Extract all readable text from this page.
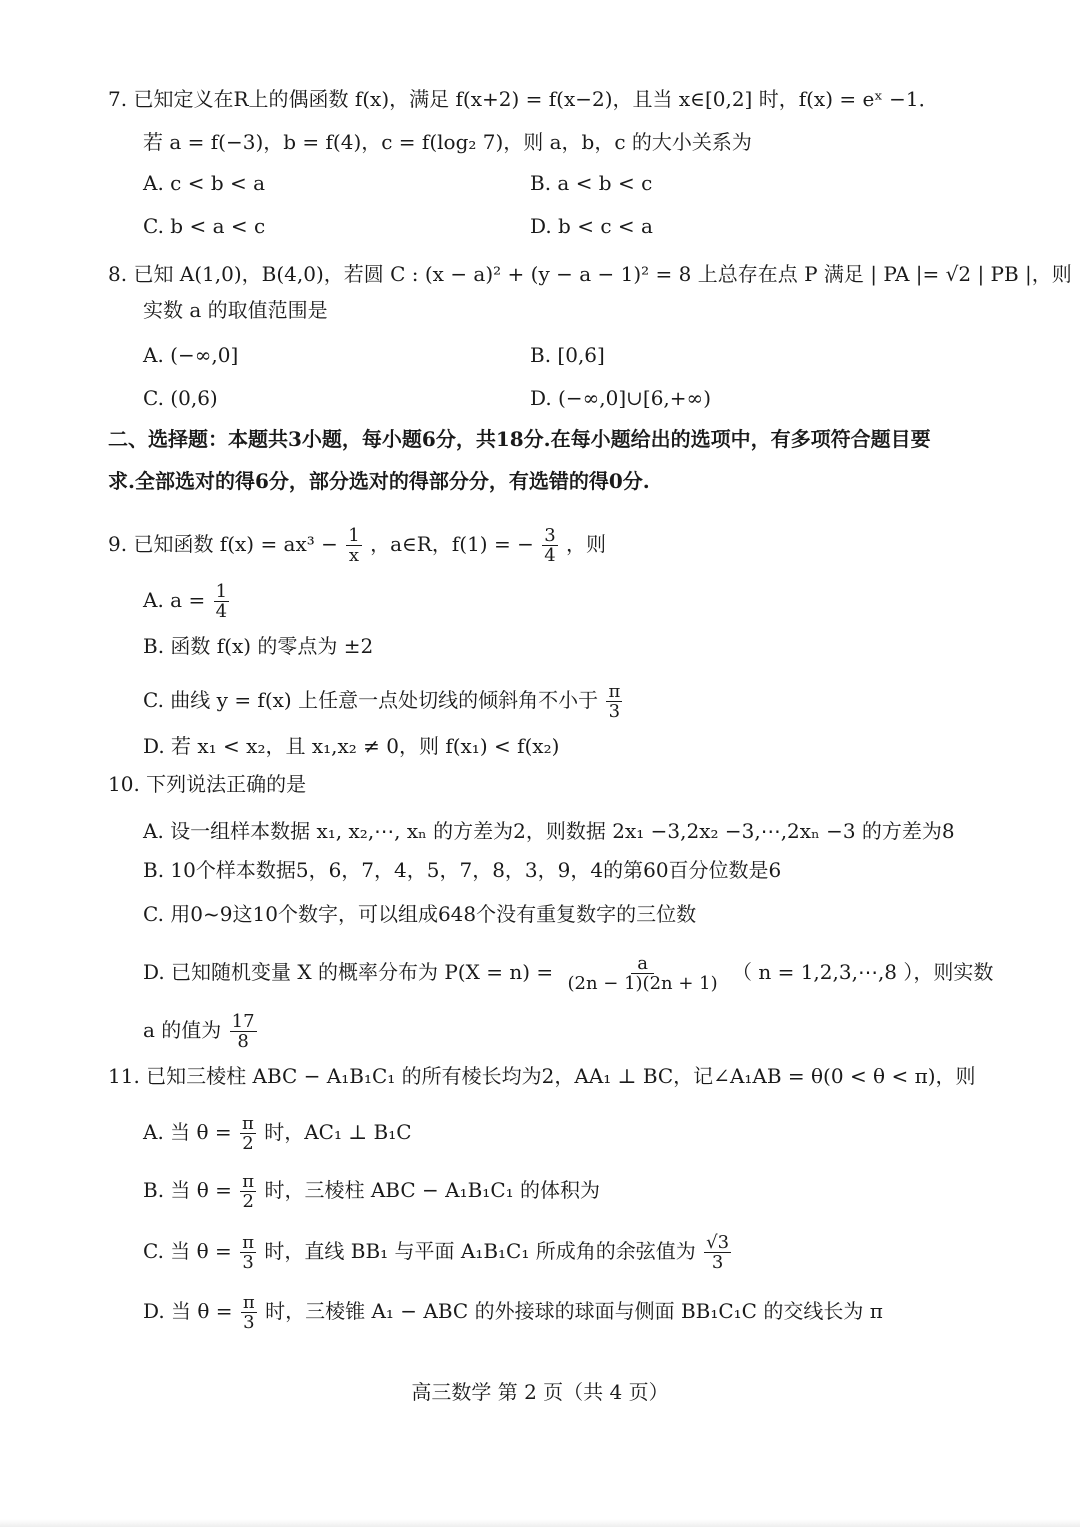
7. 已知定义在R上的偶函数 f(x)，满足 f(x+2) = f(x−2)，且当 x∈[0,2] 时，f(x) = eˣ −1．
若 a = f(−3)，b = f(4)，c = f(log₂ 7)，则 a，b，c 的大小关系为
A. c < b < a	B. a < b < c
C. b < a < c	D. b < c < a
8. 已知 A(1,0)，B(4,0)，若圆 C : (x − a)² + (y − a − 1)² = 8 上总存在点 P 满足 | PA |= √2 | PB |，则
实数 a 的取值范围是
A. (−∞,0]	B. [0,6]
C. (0,6)	D. (−∞,0]∪[6,+∞)
二、选择题：本题共3小题，每小题6分，共18分.在每小题给出的选项中，有多项符合题目要
求.全部选对的得6分，部分选对的得部分分，有选错的得0分.
9. 已知函数 $f(x) = ax^3 - \frac{1}{x}$ ，a∈R，f(1) = − $\frac{3}{4}$ ，则
A. $a = \frac{1}{4}$
B. 函数 f(x) 的零点为 ±2
C. 曲线 y = f(x) 上任意一点处切线的倾斜角不小于 $\frac{\pi}{3}$
D. 若 x₁ < x₂，且 x₁,x₂ ≠ 0，则 f(x₁) < f(x₂)
10. 下列说法正确的是
A. 设一组样本数据 x₁, x₂,⋯, xₙ 的方差为2，则数据 2x₁ −3,2x₂ −3,⋯,2xₙ −3 的方差为8
B. 10个样本数据5，6，7，4，5，7，8，3，9，4的第60百分位数是6
C. 用0~9这10个数字，可以组成648个没有重复数字的三位数
D. 已知随机变量 X 的概率分布为 $P(X = n) = \frac{a}{(2n - 1)(2n + 1)}$ （ n = 1,2,3,⋯,8 ），则实数
a 的值为 $\frac{17}{8}$
11. 已知三棱柱 ABC − A₁B₁C₁ 的所有棱长均为2，AA₁ ⊥ BC，记∠A₁AB = θ(0 < θ < π)，则
A. 当 $\theta = \frac{\pi}{2}$ 时，AC₁ ⊥ B₁C
B. 当 $\theta = \frac{\pi}{2}$ 时，三棱柱 ABC − A₁B₁C₁ 的体积为
C. 当 $\theta = \frac{\pi}{3}$ 时，直线 BB₁ 与平面 A₁B₁C₁ 所成角的余弦值为 $\frac{√3}{3}$
D. 当 $\theta = \frac{\pi}{3}$ 时，三棱锥 A₁ − ABC 的外接球的球面与侧面 BB₁C₁C 的交线长为 π
高三数学 第 2 页（共 4 页）
